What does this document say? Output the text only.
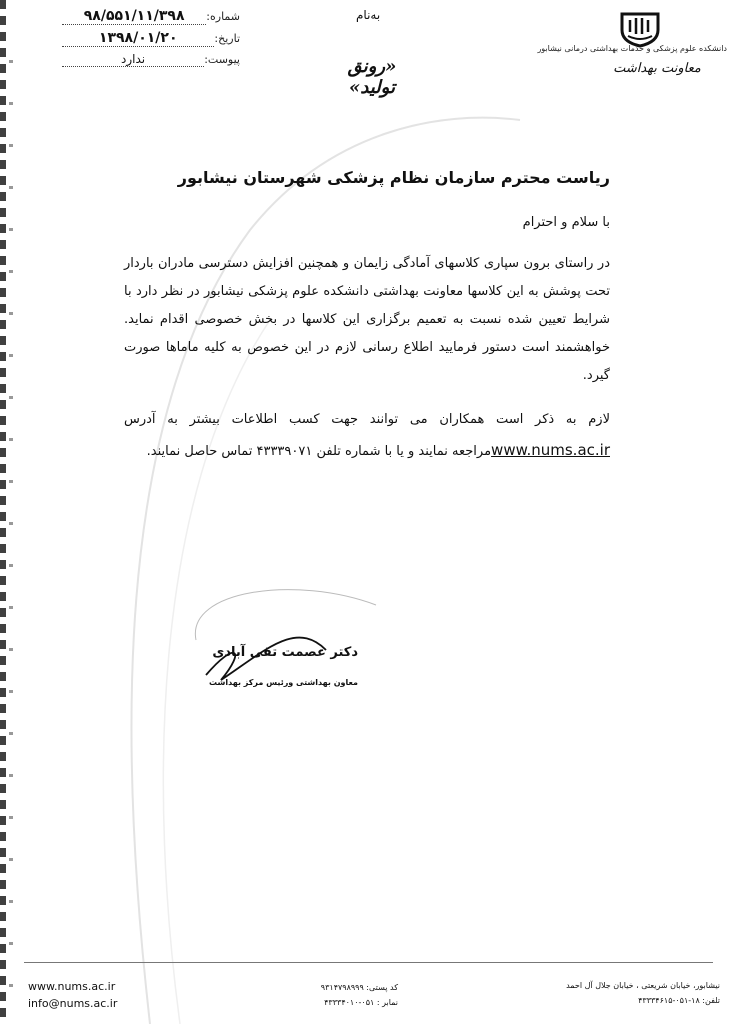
شماره:
۹۸/۵۵۱/۱۱/۳۹۸
تاریخ:
۱۳۹۸/۰۱/۲۰
پیوست:
ندارد
به‌نام
«رونق تولید»
دانشکده علوم پزشکی و خدمات بهداشتی درمانی نیشابور
معاونت بهداشت
ریاست محترم سازمان نظام پزشکی شهرستان نیشابور
با سلام و احترام

در راستای برون سپاری کلاسهای آمادگی زایمان و همچنین افزایش دسترسی مادران باردار تحت پوشش به این کلاسها معاونت بهداشتی دانشکده علوم پزشکی نیشابور در نظر دارد با شرایط تعیین شده نسبت به تعمیم برگزاری این کلاسها در بخش خصوصی اقدام نماید. خواهشمند است دستور فرمایید اطلاع رسانی لازم در این خصوص به کلیه ماماها صورت گیرد.

لازم به ذکر است همکاران می توانند جهت کسب اطلاعات بیشتر به آدرس www.nums.ac.irمراجعه نمایند و یا با شماره تلفن ۴۳۳۳۹۰۷۱ تماس حاصل نمایند.

دکتر عصمت تقی آبادی
معاون بهداشتی ورئیس مرکز بهداشت
www.nums.ac.ir
info@nums.ac.ir
کد پستی: ۹۳۱۴۷۹۸۹۹۹
نمابر : ۰۵۱-۴۳۳۳۴۰۱۰
نیشابور، خیابان شریعتی ، خیابان جلال آل احمد
تلفن: ۱۸-۰۵۱-۴۳۳۳۴۶۱۵
